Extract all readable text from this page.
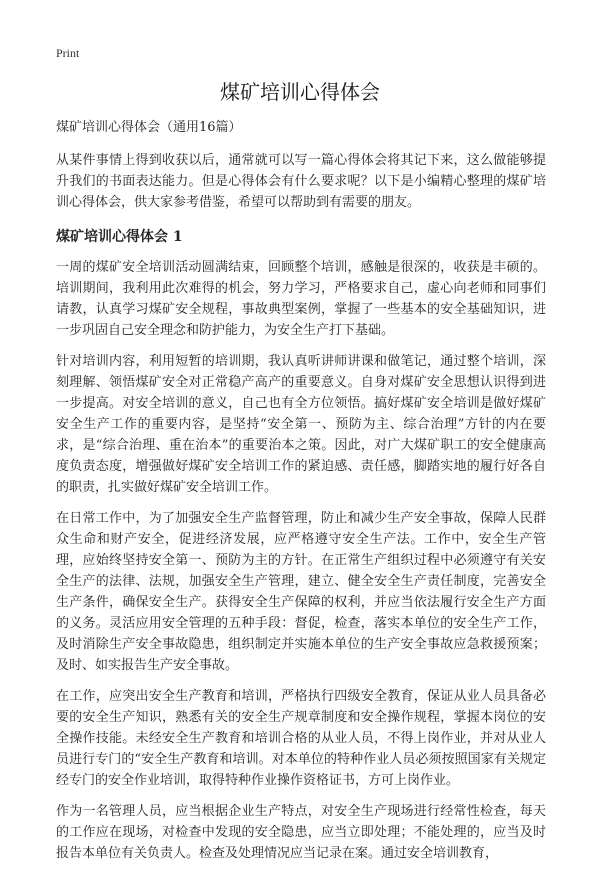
Print
煤矿培训心得体会

煤矿培训心得体会（通用16篇）

从某件事情上得到收获以后，通常就可以写一篇心得体会将其记下来，这么做能够提升我们的书面表达能力。但是心得体会有什么要求呢？以下是小编精心整理的煤矿培训心得体会，供大家参考借鉴，希望可以帮助到有需要的朋友。

煤矿培训心得体会 1

一周的煤矿安全培训活动圆满结束，回顾整个培训，感触是很深的，收获是丰硕的。培训期间，我利用此次难得的机会，努力学习，严格要求自己，虚心向老师和同事们请教，认真学习煤矿安全规程，事故典型案例，掌握了一些基本的安全基础知识，进一步巩固自己安全理念和防护能力，为安全生产打下基础。

针对培训内容，利用短暂的培训期，我认真听讲师讲课和做笔记，通过整个培训，深刻理解、领悟煤矿安全对正常稳产高产的重要意义。自身对煤矿安全思想认识得到进一步提高。对安全培训的意义，自己也有全方位领悟。搞好煤矿安全培训是做好煤矿安全生产工作的重要内容，是坚持“安全第一、预防为主、综合治理”方针的内在要求，是“综合治理、重在治本”的重要治本之策。因此，对广大煤矿职工的安全健康高度负责态度，增强做好煤矿安全培训工作的紧迫感、责任感，脚踏实地的履行好各自的职责，扎实做好煤矿安全培训工作。

在日常工作中，为了加强安全生产监督管理，防止和减少生产安全事故，保障人民群众生命和财产安全，促进经济发展，应严格遵守安全生产法。工作中，安全生产管理，应始终坚持安全第一、预防为主的方针。在正常生产组织过程中必须遵守有关安全生产的法律、法规，加强安全生产管理，建立、健全安全生产责任制度，完善安全生产条件，确保安全生产。获得安全生产保障的权利，并应当依法履行安全生产方面的义务。灵活应用安全管理的五种手段：督促，检查，落实本单位的安全生产工作，及时消除生产安全事故隐患，组织制定并实施本单位的生产安全事故应急救援预案；及时、如实报告生产安全事故。

在工作，应突出安全生产教育和培训，严格执行四级安全教育，保证从业人员具备必要的安全生产知识，熟悉有关的安全生产规章制度和安全操作规程，掌握本岗位的安全操作技能。未经安全生产教育和培训合格的从业人员，不得上岗作业，并对从业人员进行专门的“安全生产教育和培训。对本单位的特种作业人员必须按照国家有关规定经专门的安全作业培训，取得特种作业操作资格证书，方可上岗作业。

作为一名管理人员，应当根据企业生产特点，对安全生产现场进行经常性检查，每天的工作应在现场，对检查中发现的安全隐患，应当立即处理；不能处理的，应当及时报告本单位有关负责人。检查及处理情况应当记录在案。通过安全培训教育，
